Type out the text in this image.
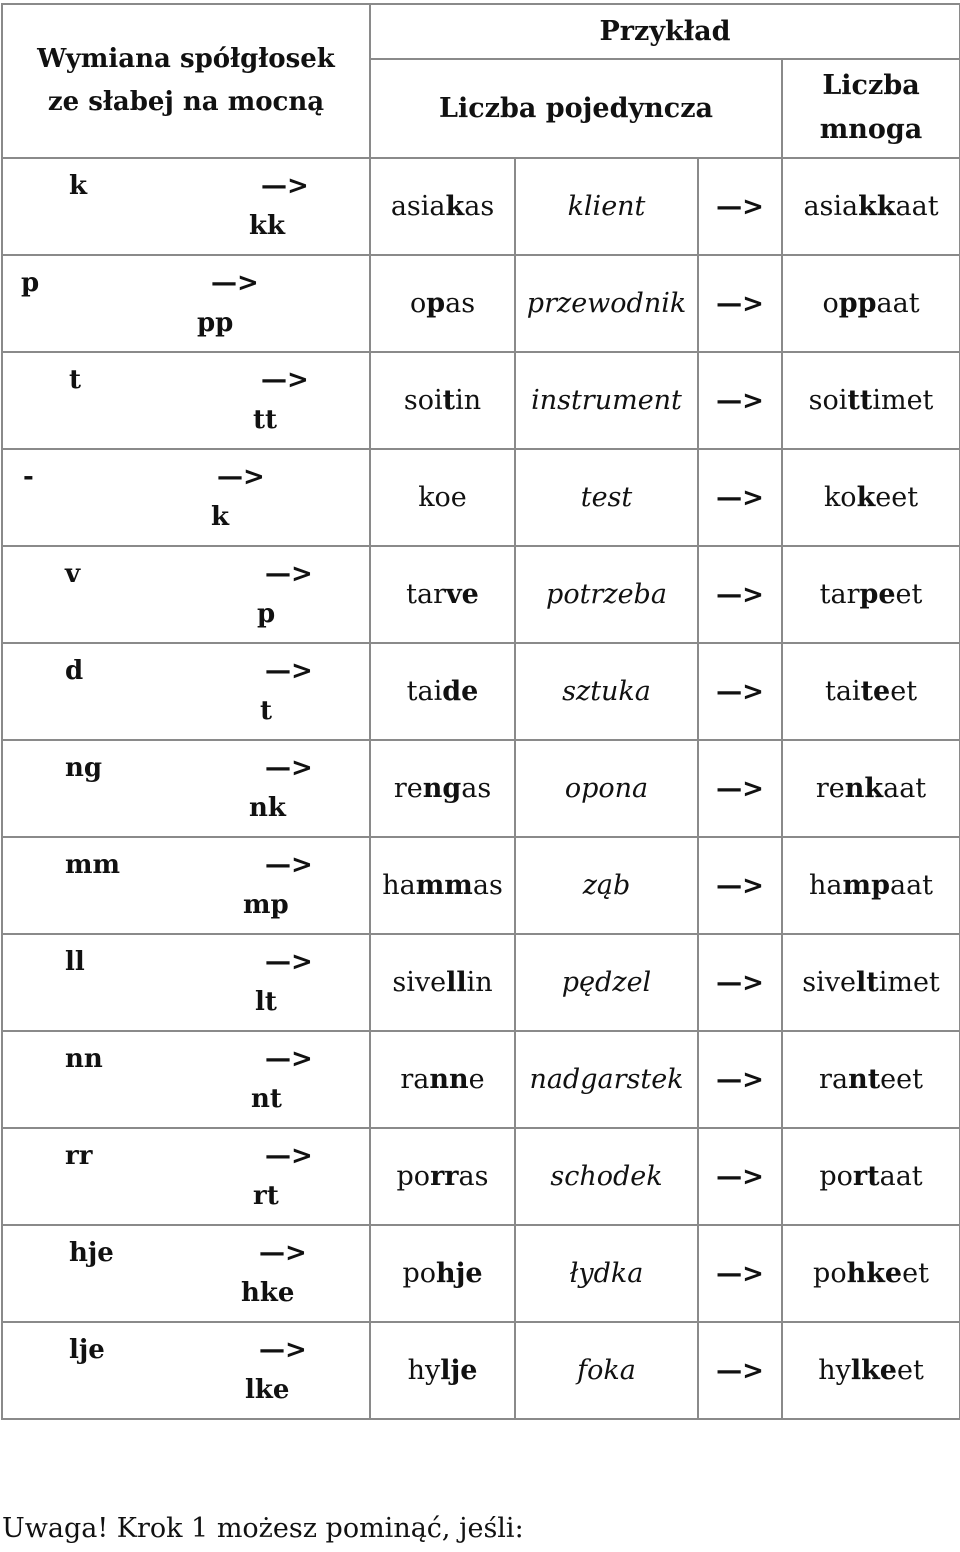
Wymiana spółgłosek
ze słabej na mocną	Przykład			
	Liczba pojedyncza			Liczba
mnoga

k —>
kk	asiakas	klient	—>	asiakkaat

p —>
pp	opas	przewodnik	—>	oppaat

t —>
tt	soitin	instrument	—>	soittimet

- —>
k	koe	test	—>	kokeet

v —>
p	tarve	potrzeba	—>	tarpeet

d —>
t	taide	sztuka	—>	taiteet

ng —>
nk	rengas	opona	—>	renkaat

mm —>
mp	hammas	ząb	—>	hampaat

ll —>
lt	sivellin	pędzel	—>	siveltimet

nn —>
nt	ranne	nadgarstek	—>	ranteet

rr —>
rt	porras	schodek	—>	portaat

hje —>
hke	pohje	łydka	—>	pohkeet

lje —>
lke	hylje	foka	—>	hylkeet
Uwaga! Krok 1 możesz pominąć, jeśli:
